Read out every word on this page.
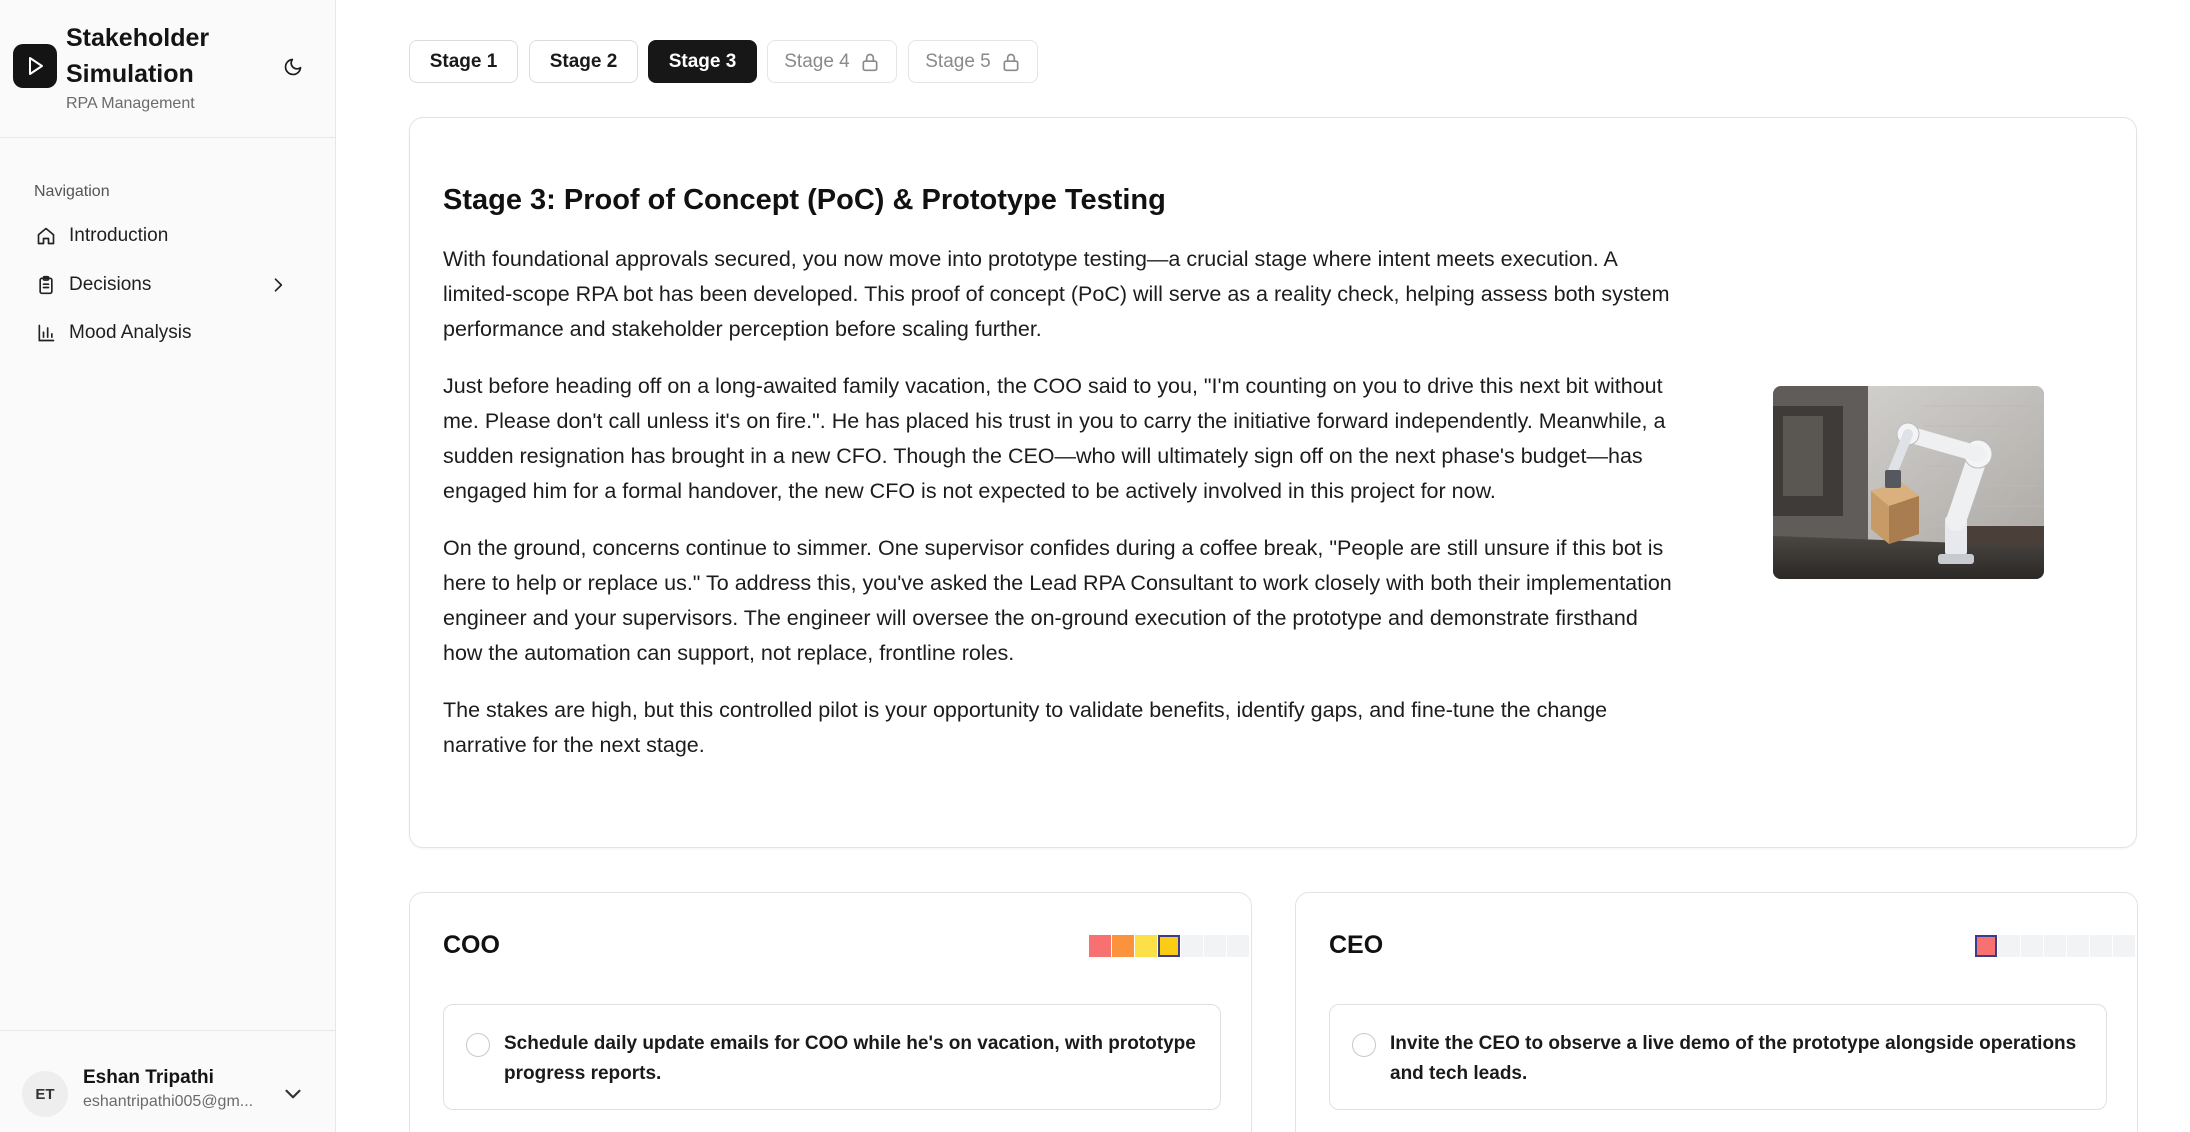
Stakeholder Simulation
RPA Management
Navigation
Introduction
Decisions
Mood Analysis
ET
Eshan Tripathi
eshantripathi005@gm...
Stage 1	Stage 2	Stage 3	Stage 4	Stage 5
Stage 3: Proof of Concept (PoC) & Prototype Testing

With foundational approvals secured, you now move into prototype testing—a crucial stage where intent meets execution. A limited-scope RPA bot has been developed. This proof of concept (PoC) will serve as a reality check, helping assess both system performance and stakeholder perception before scaling further.

Just before heading off on a long-awaited family vacation, the COO said to you, "I'm counting on you to drive this next bit without me. Please don't call unless it's on fire.". He has placed his trust in you to carry the initiative forward independently. Meanwhile, a sudden resignation has brought in a new CFO. Though the CEO—who will ultimately sign off on the next phase's budget—has engaged him for a formal handover, the new CFO is not expected to be actively involved in this project for now.

On the ground, concerns continue to simmer. One supervisor confides during a coffee break, "People are still unsure if this bot is here to help or replace us." To address this, you've asked the Lead RPA Consultant to work closely with both their implementation engineer and your supervisors. The engineer will oversee the on-ground execution of the prototype and demonstrate firsthand how the automation can support, not replace, frontline roles.

The stakes are high, but this controlled pilot is your opportunity to validate benefits, identify gaps, and fine-tune the change narrative for the next stage.

COO
Schedule daily update emails for COO while he's on vacation, with prototype progress reports.
CEO
Invite the CEO to observe a live demo of the prototype alongside operations and tech leads.
